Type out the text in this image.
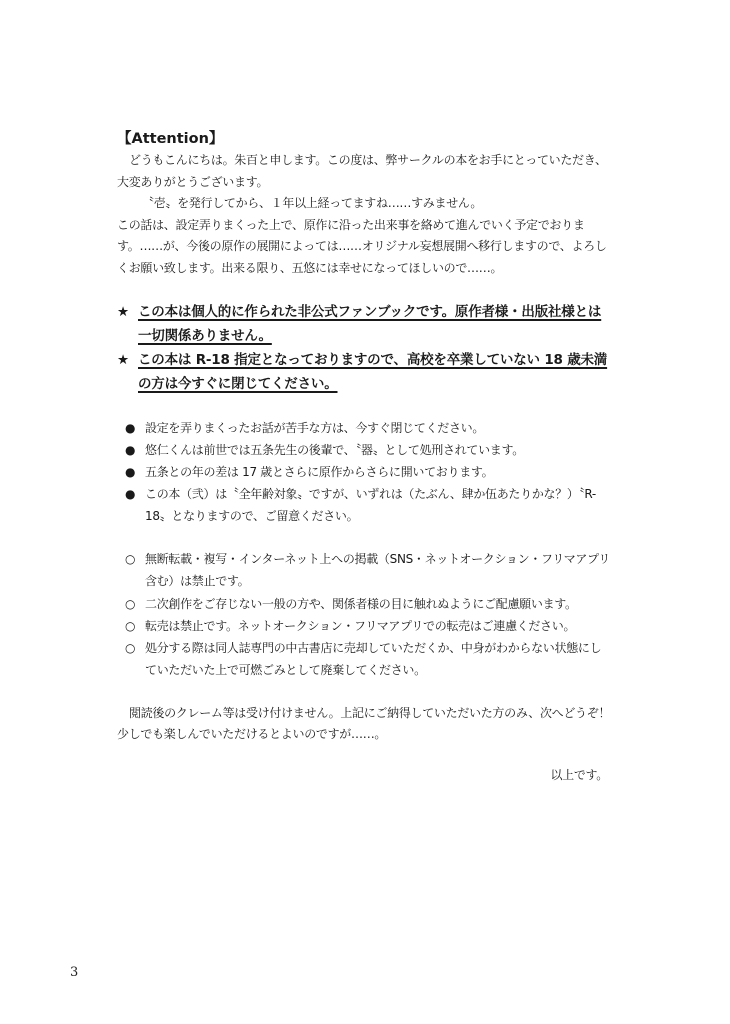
【Attention】

どうもこんにちは。朱百と申します。この度は、弊サークルの本をお手にとっていただき、大変ありがとうございます。

〝壱〟を発行してから、１年以上経ってますね……すみません。

この話は、設定弄りまくった上で、原作に沿った出来事を絡めて進んでいく予定でおります。……が、今後の原作の展開によっては……オリジナル妄想展開へ移行しますので、よろしくお願い致します。出来る限り、五悠には幸せになってほしいので……。

★ この本は個人的に作られた非公式ファンブックです。原作者様・出版社様とは一切関係ありません。
★ この本は R-18 指定となっておりますので、高校を卒業していない 18 歳未満の方は今すぐに閉じてください。
● 設定を弄りまくったお話が苦手な方は、今すぐ閉じてください。
● 悠仁くんは前世では五条先生の後輩で、〝器〟として処刑されています。
● 五条との年の差は 17 歳とさらに原作からさらに開いております。
● この本（弐）は〝全年齢対象〟ですが、いずれは（たぶん、肆か伍あたりかな？）〝R-18〟となりますので、ご留意ください。
○ 無断転載・複写・インターネット上への掲載（SNS・ネットオークション・フリマアプリ含む）は禁止です。
○ 二次創作をご存じない一般の方や、関係者様の目に触れぬようにご配慮願います。
○ 転売は禁止です。ネットオークション・フリマアプリでの転売はご連慮ください。
○ 処分する際は同人誌専門の中古書店に売却していただくか、中身がわからない状態にしていただいた上で可燃ごみとして廃棄してください。

閲読後のクレーム等は受け付けません。上記にご納得していただいた方のみ、次へどうぞ！少しでも楽しんでいただけるとよいのですが……。

以上です。

3
